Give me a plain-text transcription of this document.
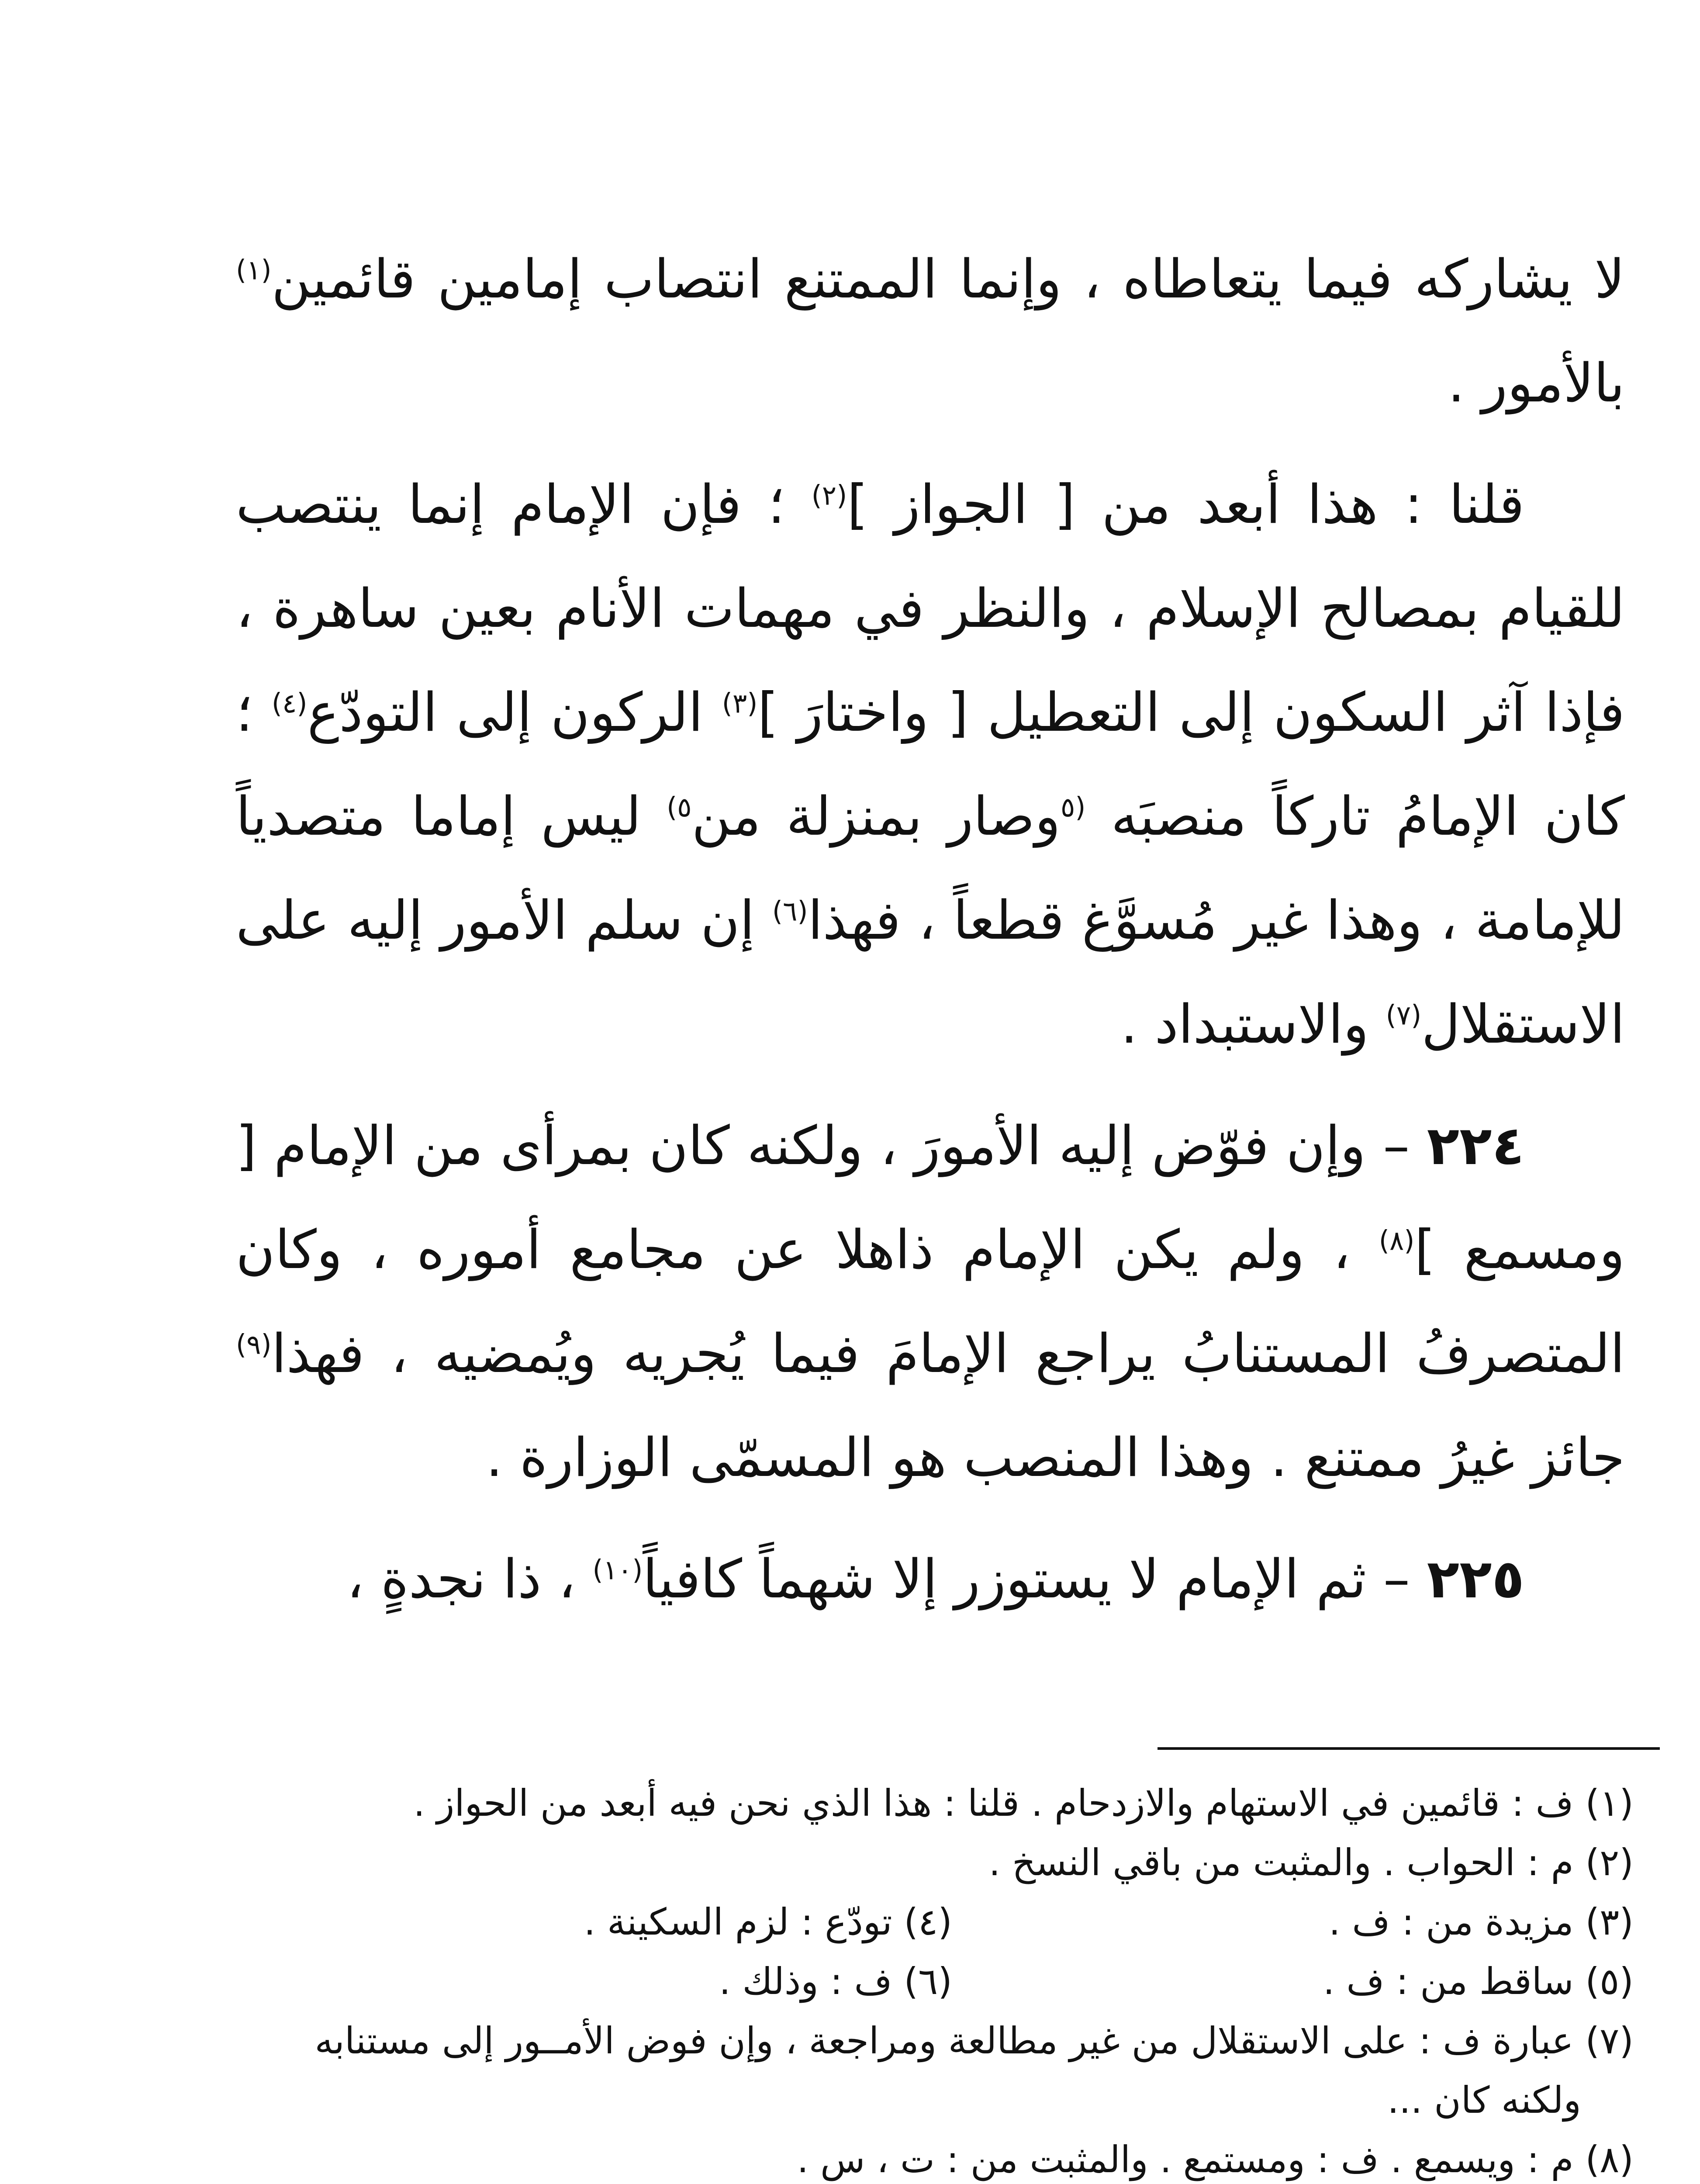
لا يشاركه فيما يتعاطاه ، وإنما الممتنع انتصاب إمامين قائمين$^{(١)}$ بالأمور .

قلنا : هذا أبعد من [ الجواز ]$^{(٢)}$ ؛ فإن الإمام إنما ينتصب للقيام بمصالح الإسلام ، والنظر في مهمات الأنام بعين ساهرة ، فإذا آثر السكون إلى التعطيل [ واختارَ ]$^{(٣)}$ الركون إلى التودّع$^{(٤)}$ ؛ كان الإمامُ تاركاً منصبَه $^{(٥}$وصار بمنزلة من$^{٥)}$ ليس إماما متصدياً للإمامة ، وهذا غير مُسوَّغ قطعاً ، فهذا$^{(٦)}$ إن سلم الأمور إليه على الاستقلال$^{(٧)}$ والاستبداد .

٢٢٤ – وإن فوّض إليه الأمورَ ، ولكنه كان بمرأى من الإمام [ ومسمع ]$^{(٨)}$ ، ولم يكن الإمام ذاهلا عن مجامع أموره ، وكان المتصرفُ المستنابُ يراجع الإمامَ فيما يُجريه ويُمضيه ، فهذا$^{(٩)}$ جائز غيرُ ممتنع . وهذا المنصب هو المسمّى الوزارة .

٢٢٥ – ثم الإمام لا يستوزر إلا شهماً كافياً$^{(١٠)}$ ، ذا نجدةٍ ،

(١) ف : قائمين في الاستهام والازدحام . قلنا : هذا الذي نحن فيه أبعد من الحواز .
(٢) م : الحواب . والمثبت من باقي النسخ .
(٣) مزيدة من : ف .
(٤) تودّع : لزم السكينة .
(٥) ساقط من : ف .
(٦) ف : وذلك .
(٧) عبارة ف : على الاستقلال من غير مطالعة ومراجعة ، وإن فوض الأمــور إلى مستنابه
ولكنه كان ...
(٨) م : ويسمع . ف : ومستمع . والمثبت من : ت ، س .
